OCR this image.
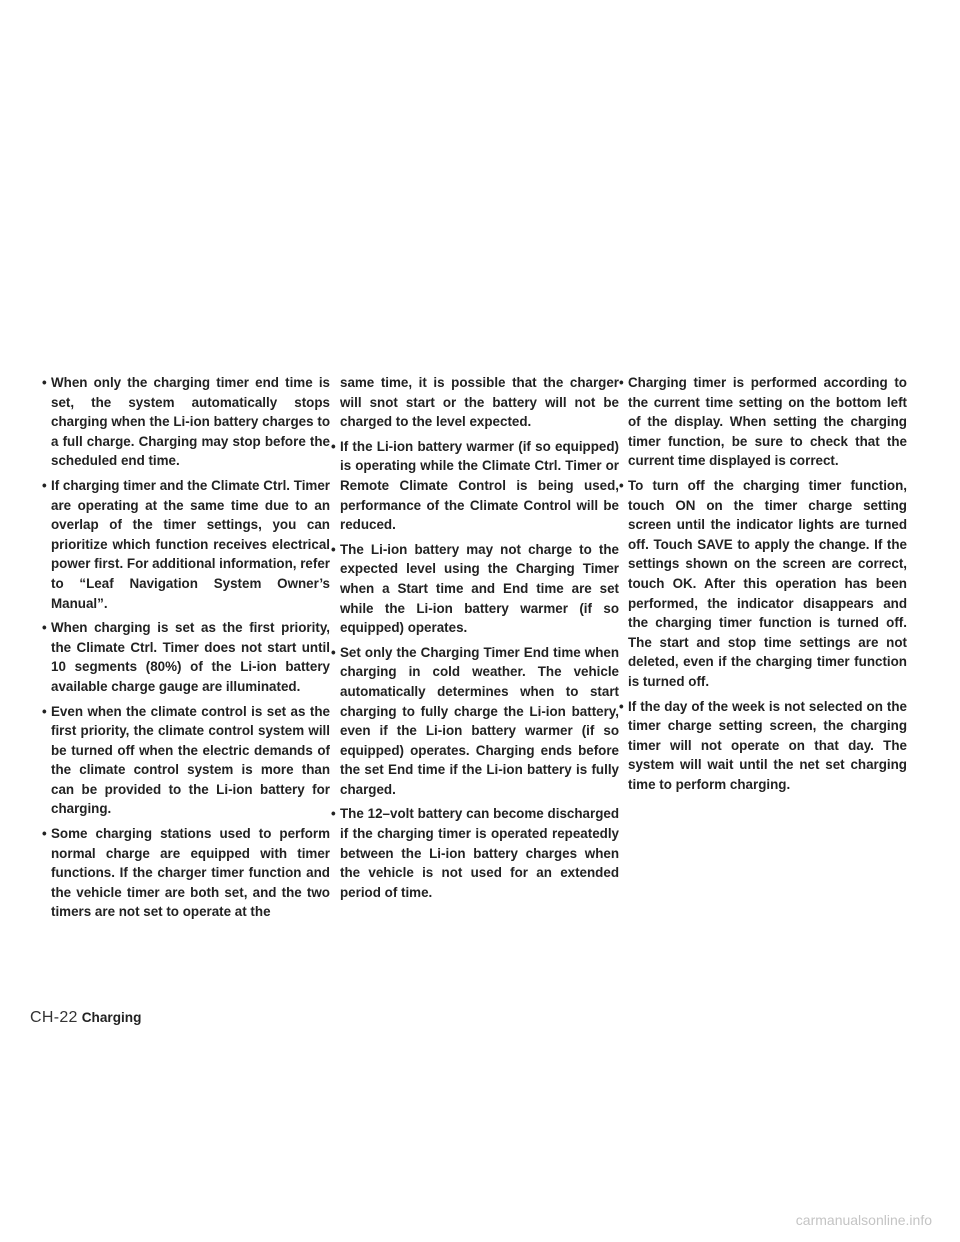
• When only the charging timer end time is set, the system automatically stops charging when the Li-ion battery charges to a full charge. Charging may stop before the scheduled end time.
• If charging timer and the Climate Ctrl. Timer are operating at the same time due to an overlap of the timer settings, you can prioritize which function receives electrical power first. For additional information, refer to “Leaf Navigation System Owner’s Manual”.
• When charging is set as the first priority, the Climate Ctrl. Timer does not start until 10 segments (80%) of the Li-ion battery available charge gauge are illuminated.
• Even when the climate control is set as the first priority, the climate control system will be turned off when the electric demands of the climate control system is more than can be provided to the Li-ion battery for charging.
• Some charging stations used to perform normal charge are equipped with timer functions. If the charger timer function and the vehicle timer are both set, and the two timers are not set to operate at the
same time, it is possible that the charger will snot start or the battery will not be charged to the level expected.
• If the Li-ion battery warmer (if so equipped) is operating while the Climate Ctrl. Timer or Remote Climate Control is being used, performance of the Climate Control will be reduced.
• The Li-ion battery may not charge to the expected level using the Charging Timer when a Start time and End time are set while the Li-ion battery warmer (if so equipped) operates.
• Set only the Charging Timer End time when charging in cold weather. The vehicle automatically determines when to start charging to fully charge the Li-ion battery, even if the Li-ion battery warmer (if so equipped) operates. Charging ends before the set End time if the Li-ion battery is fully charged.
• The 12–volt battery can become discharged if the charging timer is operated repeatedly between the Li-ion battery charges when the vehicle is not used for an extended period of time.
• Charging timer is performed according to the current time setting on the bottom left of the display. When setting the charging timer function, be sure to check that the current time displayed is correct.
• To turn off the charging timer function, touch ON on the timer charge setting screen until the indicator lights are turned off. Touch SAVE to apply the change. If the settings shown on the screen are correct, touch OK. After this operation has been performed, the indicator disappears and the charging timer function is turned off. The start and stop time settings are not deleted, even if the charging timer function is turned off.
• If the day of the week is not selected on the timer charge setting screen, the charging timer will not operate on that day. The system will wait until the net set charging time to perform charging.
CH-22 Charging
carmanualsonline.info
